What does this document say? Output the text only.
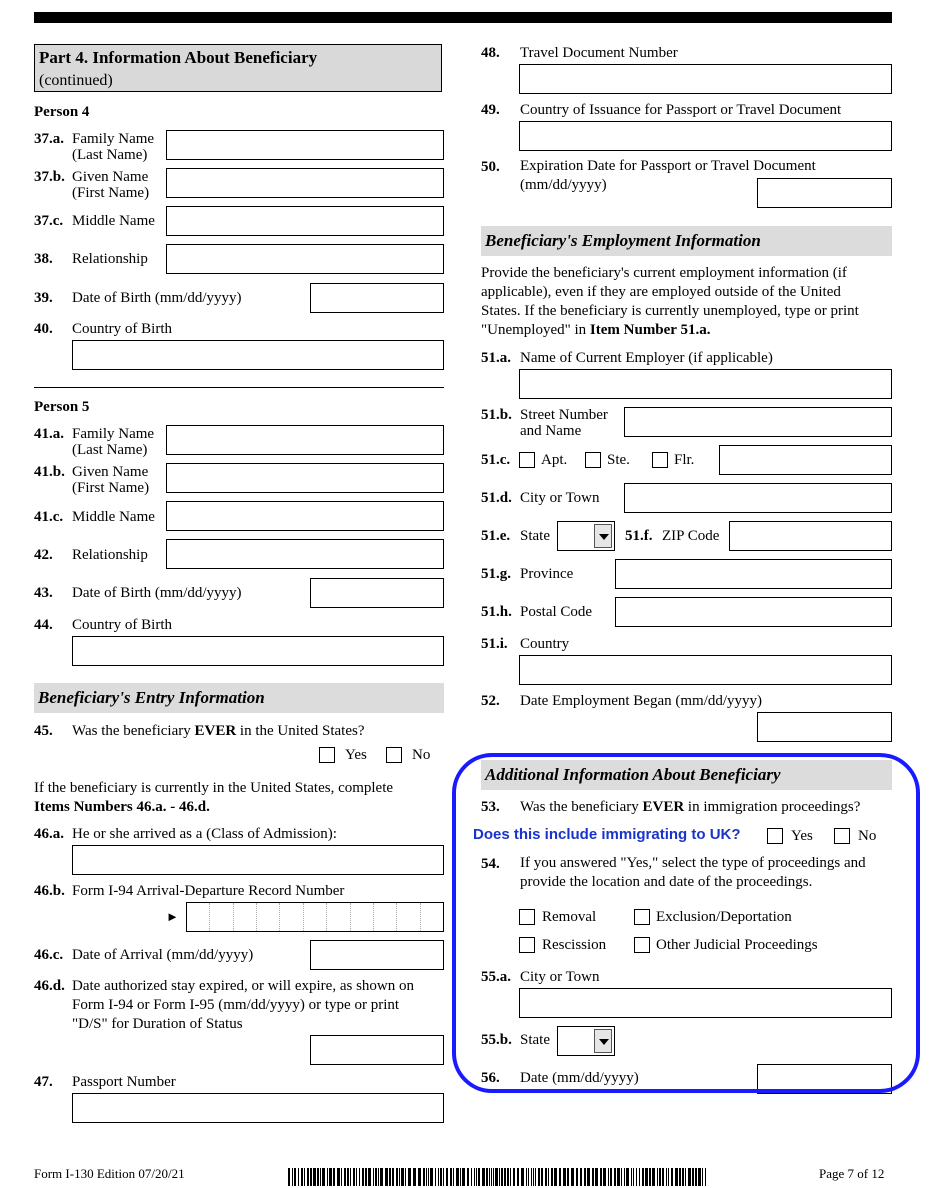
Part 4. Information About Beneficiary
(continued)
Person 4
37.a. Family Name
(Last Name)
37.b. Given Name
(First Name)
37.c. Middle Name
38. Relationship
39. Date of Birth (mm/dd/yyyy)
40. Country of Birth
Person 5
41.a. Family Name
(Last Name)
41.b. Given Name
(First Name)
41.c. Middle Name
42. Relationship
43. Date of Birth (mm/dd/yyyy)
44. Country of Birth
Beneficiary's Entry Information
45. Was the beneficiary EVER in the United States?
Yes	No
If the beneficiary is currently in the United States, complete
Items Numbers 46.a. - 46.d.
46.a. He or she arrived as a (Class of Admission):
46.b. Form I-94 Arrival-Departure Record Number
►
46.c. Date of Arrival (mm/dd/yyyy)
46.d. Date authorized stay expired, or will expire, as shown on
Form I-94 or Form I-95 (mm/dd/yyyy) or type or print
"D/S" for Duration of Status
47. Passport Number
48. Travel Document Number
49. Country of Issuance for Passport or Travel Document
50. Expiration Date for Passport or Travel Document
(mm/dd/yyyy)
Beneficiary's Employment Information
Provide the beneficiary's current employment information (if
applicable), even if they are employed outside of the United
States. If the beneficiary is currently unemployed, type or print
"Unemployed" in Item Number 51.a.
51.a. Name of Current Employer (if applicable)
51.b. Street Number
and Name
51.c. Apt.	Ste.	Flr.
51.d. City or Town
51.e. State	51.f. ZIP Code
51.g. Province
51.h. Postal Code
51.i. Country
52. Date Employment Began (mm/dd/yyyy)
Additional Information About Beneficiary
53. Was the beneficiary EVER in immigration proceedings?
Does this include immigrating to UK?	Yes	No
54. If you answered "Yes," select the type of proceedings and
provide the location and date of the proceedings.
Removal	Exclusion/Deportation
Rescission	Other Judicial Proceedings
55.a. City or Town
55.b. State
56. Date (mm/dd/yyyy)
Form I-130 Edition 07/20/21	Page 7 of 12
